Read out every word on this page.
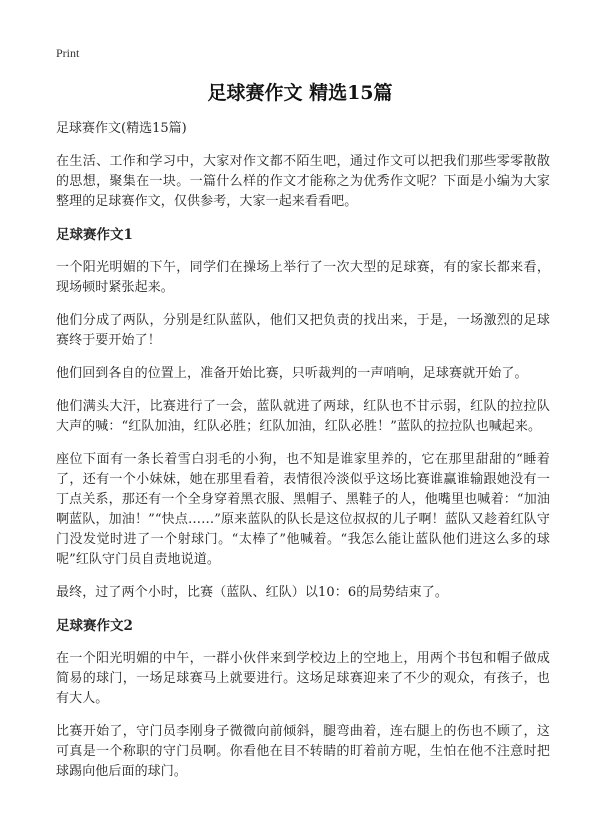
Print
足球赛作文 精选15篇

足球赛作文(精选15篇)

在生活、工作和学习中，大家对作文都不陌生吧，通过作文可以把我们那些零零散散的思想，聚集在一块。一篇什么样的作文才能称之为优秀作文呢？下面是小编为大家整理的足球赛作文，仅供参考，大家一起来看看吧。

足球赛作文1

一个阳光明媚的下午，同学们在操场上举行了一次大型的足球赛，有的家长都来看，现场顿时紧张起来。

他们分成了两队，分别是红队蓝队，他们又把负责的找出来，于是，一场激烈的足球赛终于要开始了！

他们回到各自的位置上，准备开始比赛，只听裁判的一声哨响，足球赛就开始了。

他们满头大汗，比赛进行了一会，蓝队就进了两球，红队也不甘示弱，红队的拉拉队大声的喊：“红队加油，红队必胜；红队加油，红队必胜！”蓝队的拉拉队也喊起来。

座位下面有一条长着雪白羽毛的小狗，也不知是谁家里养的，它在那里甜甜的“睡着了，还有一个小妹妹，她在那里看着，表情很冷淡似乎这场比赛谁赢谁输跟她没有一丁点关系，那还有一个全身穿着黑衣服、黑帽子、黑鞋子的人，他嘴里也喊着：“加油啊蓝队，加油！”“快点……”原来蓝队的队长是这位叔叔的儿子啊！蓝队又趁着红队守门没发觉时进了一个射球门。“太棒了”他喊着。“我怎么能让蓝队他们进这么多的球呢”红队守门员自责地说道。

最终，过了两个小时，比赛（蓝队、红队）以10：6的局势结束了。

足球赛作文2

在一个阳光明媚的中午，一群小伙伴来到学校边上的空地上，用两个书包和帽子做成简易的球门，一场足球赛马上就要进行。这场足球赛迎来了不少的观众，有孩子，也有大人。

比赛开始了，守门员李刚身子微微向前倾斜，腿弯曲着，连右腿上的伤也不顾了，这可真是一个称职的守门员啊。你看他在目不转睛的盯着前方呢，生怕在他不注意时把球踢向他后面的球门。
